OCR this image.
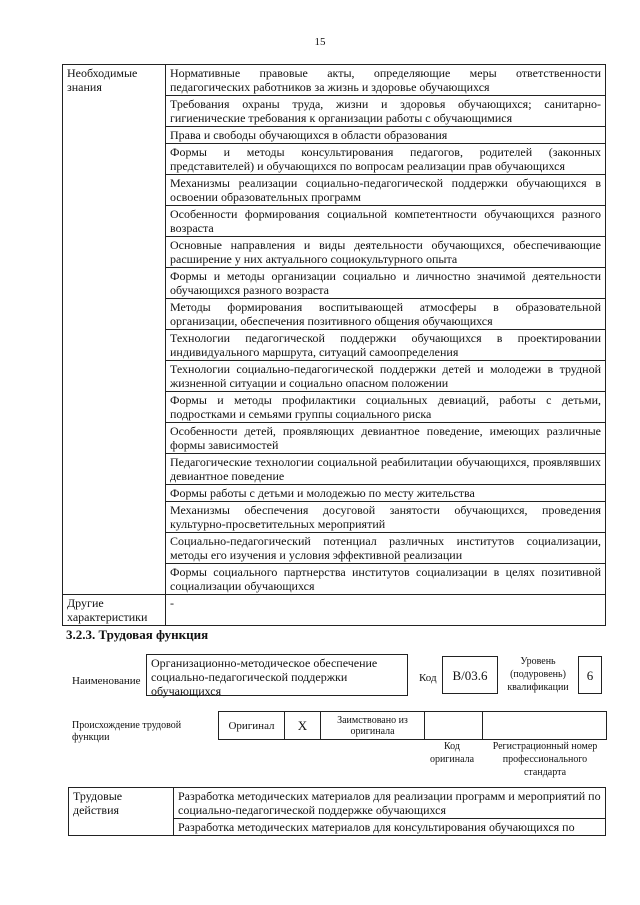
15
Необходимые знания	Нормативные правовые акты, определяющие меры ответственности педагогических работников за жизнь и здоровье обучающихся
	Требования охраны труда, жизни и здоровья обучающихся; санитарно-гигиенические требования к организации работы с обучающимися
	Права и свободы обучающихся в области образования
	Формы и методы консультирования педагогов, родителей (законных представителей) и обучающихся по вопросам реализации прав обучающихся
	Механизмы реализации социально-педагогической поддержки обучающихся в освоении образовательных программ
	Особенности формирования социальной компетентности обучающихся разного возраста
	Основные направления и виды деятельности обучающихся, обеспечивающие расширение у них актуального социокультурного опыта
	Формы и методы организации социально и личностно значимой деятельности обучающихся разного возраста
	Методы формирования воспитывающей атмосферы в образовательной организации, обеспечения позитивного общения обучающихся
	Технологии педагогической поддержки обучающихся в проектировании индивидуального маршрута, ситуаций самоопределения
	Технологии социально-педагогической поддержки детей и молодежи в трудной жизненной ситуации и социально опасном положении
	Формы и методы профилактики социальных девиаций, работы с детьми, подростками и семьями группы социального риска
	Особенности детей, проявляющих девиантное поведение, имеющих различные формы зависимостей
	Педагогические технологии социальной реабилитации обучающихся, проявлявших девиантное поведение
	Формы работы с детьми и молодежью по месту жительства
	Механизмы обеспечения досуговой занятости обучающихся, проведения культурно-просветительных мероприятий
	Социально-педагогический потенциал различных институтов социализации, методы его изучения и условия эффективной реализации
	Формы социального партнерства институтов социализации в целях позитивной социализации обучающихся
Другие характеристики	-
3.2.3. Трудовая функция
Наименование
Организационно-методическое обеспечение социально-педагогической поддержки обучающихся
Код	B/03.6
Уровень (подуровень) квалификации
6
Происхождение трудовой функции
Оригинал	X	Заимствовано из оригинала		
Код оригинала
Регистрационный номер профессионального стандарта
Трудовые действия	Разработка методических материалов для реализации программ и мероприятий по социально-педагогической поддержке обучающихся
Разработка методических материалов для консультирования обучающихся по
